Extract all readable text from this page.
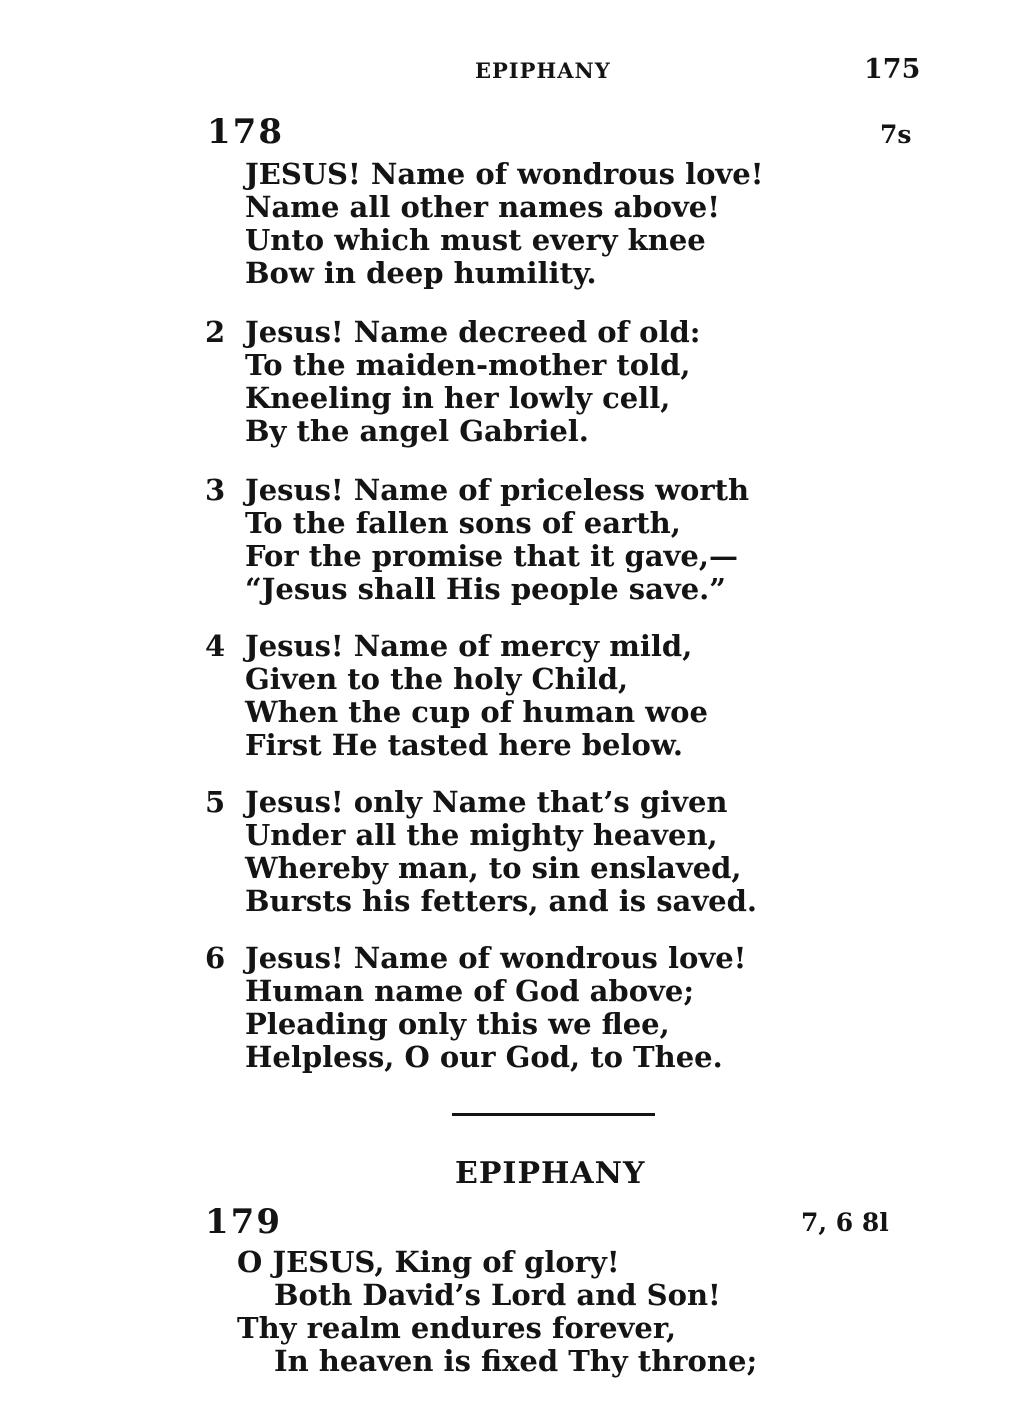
EPIPHANY	175
178	7s
JESUS! Name of wondrous love!
Name all other names above!
Unto which must every knee
Bow in deep humility.
2 Jesus! Name decreed of old:
To the maiden-mother told,
Kneeling in her lowly cell,
By the angel Gabriel.
3 Jesus! Name of priceless worth
To the fallen sons of earth,
For the promise that it gave,—
“Jesus shall His people save.”
4 Jesus! Name of mercy mild,
Given to the holy Child,
When the cup of human woe
First He tasted here below.
5 Jesus! only Name that’s given
Under all the mighty heaven,
Whereby man, to sin enslaved,
Bursts his fetters, and is saved.
6 Jesus! Name of wondrous love!
Human name of God above;
Pleading only this we flee,
Helpless, O our God, to Thee.
EPIPHANY
179	7, 6 8l
O JESUS, King of glory!
Both David’s Lord and Son!
Thy realm endures forever,
In heaven is fixed Thy throne;
